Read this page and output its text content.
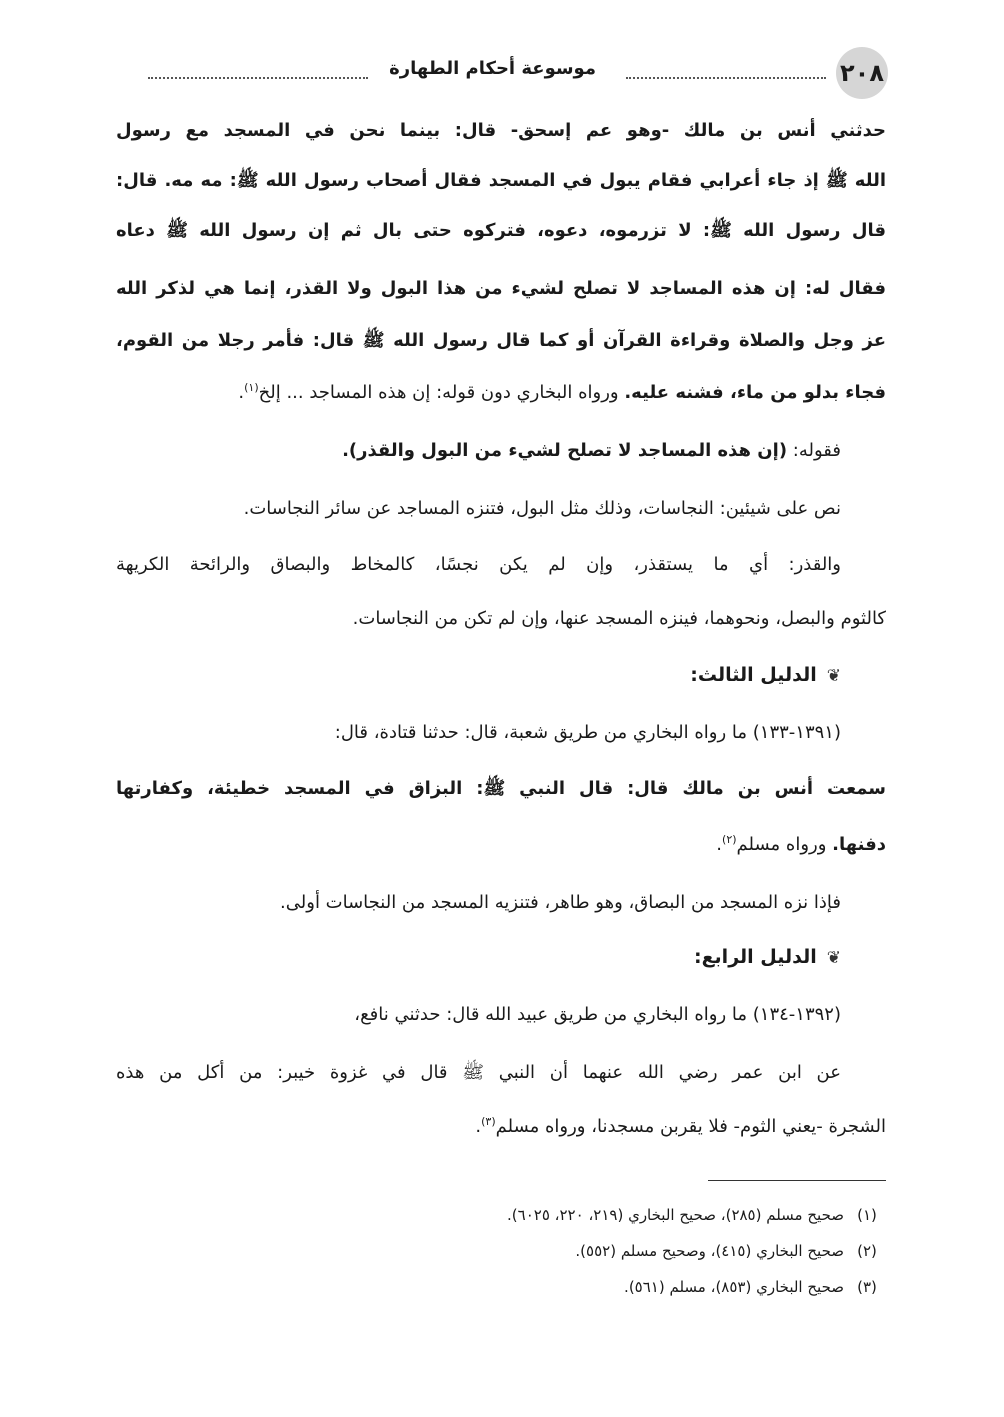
٢٠٨
موسوعة أحكام الطهارة
حدثني أنس بن مالك -وهو عم إسحق- قال: بينما نحن في المسجد مع رسول
الله ﷺ إذ جاء أعرابي فقام يبول في المسجد فقال أصحاب رسول الله ﷺ: مه مه. قال:
قال رسول الله ﷺ: لا تزرموه، دعوه، فتركوه حتى بال ثم إن رسول الله ﷺ دعاه
فقال له: إن هذه المساجد لا تصلح لشيء من هذا البول ولا القذر، إنما هي لذكر الله
عز وجل والصلاة وقراءة القرآن أو كما قال رسول الله ﷺ قال: فأمر رجلا من القوم،
فجاء بدلو من ماء، فشنه عليه. ورواه البخاري دون قوله: إن هذه المساجد ... إلخ$^{(١)}$.
فقوله: (إن هذه المساجد لا تصلح لشيء من البول والقذر).
نص على شيئين: النجاسات، وذلك مثل البول، فتنزه المساجد عن سائر النجاسات.
والقذر: أي ما يستقذر، وإن لم يكن نجسًا، كالمخاط والبصاق والرائحة الكريهة
كالثوم والبصل، ونحوهما، فينزه المسجد عنها، وإن لم تكن من النجاسات.
❦الدليل الثالث:
(١٣٩١-١٣٣) ما رواه البخاري من طريق شعبة، قال: حدثنا قتادة، قال:
سمعت أنس بن مالك قال: قال النبي ﷺ: البزاق في المسجد خطيئة، وكفارتها
دفنها. ورواه مسلم$^{(٢)}$.
فإذا نزه المسجد من البصاق، وهو طاهر، فتنزيه المسجد من النجاسات أولى.
❦الدليل الرابع:
(١٣٩٢-١٣٤) ما رواه البخاري من طريق عبيد الله قال: حدثني نافع،
عن ابن عمر رضي الله عنهما أن النبي ﷺ قال في غزوة خيبر: من أكل من هذه
الشجرة -يعني الثوم- فلا يقربن مسجدنا، ورواه مسلم$^{(٣)}$.
(١)صحيح مسلم (٢٨٥)، صحيح البخاري (٢١٩، ٢٢٠، ٦٠٢٥).
(٢)صحيح البخاري (٤١٥)، وصحيح مسلم (٥٥٢).
(٣)صحيح البخاري (٨٥٣)، مسلم (٥٦١).
